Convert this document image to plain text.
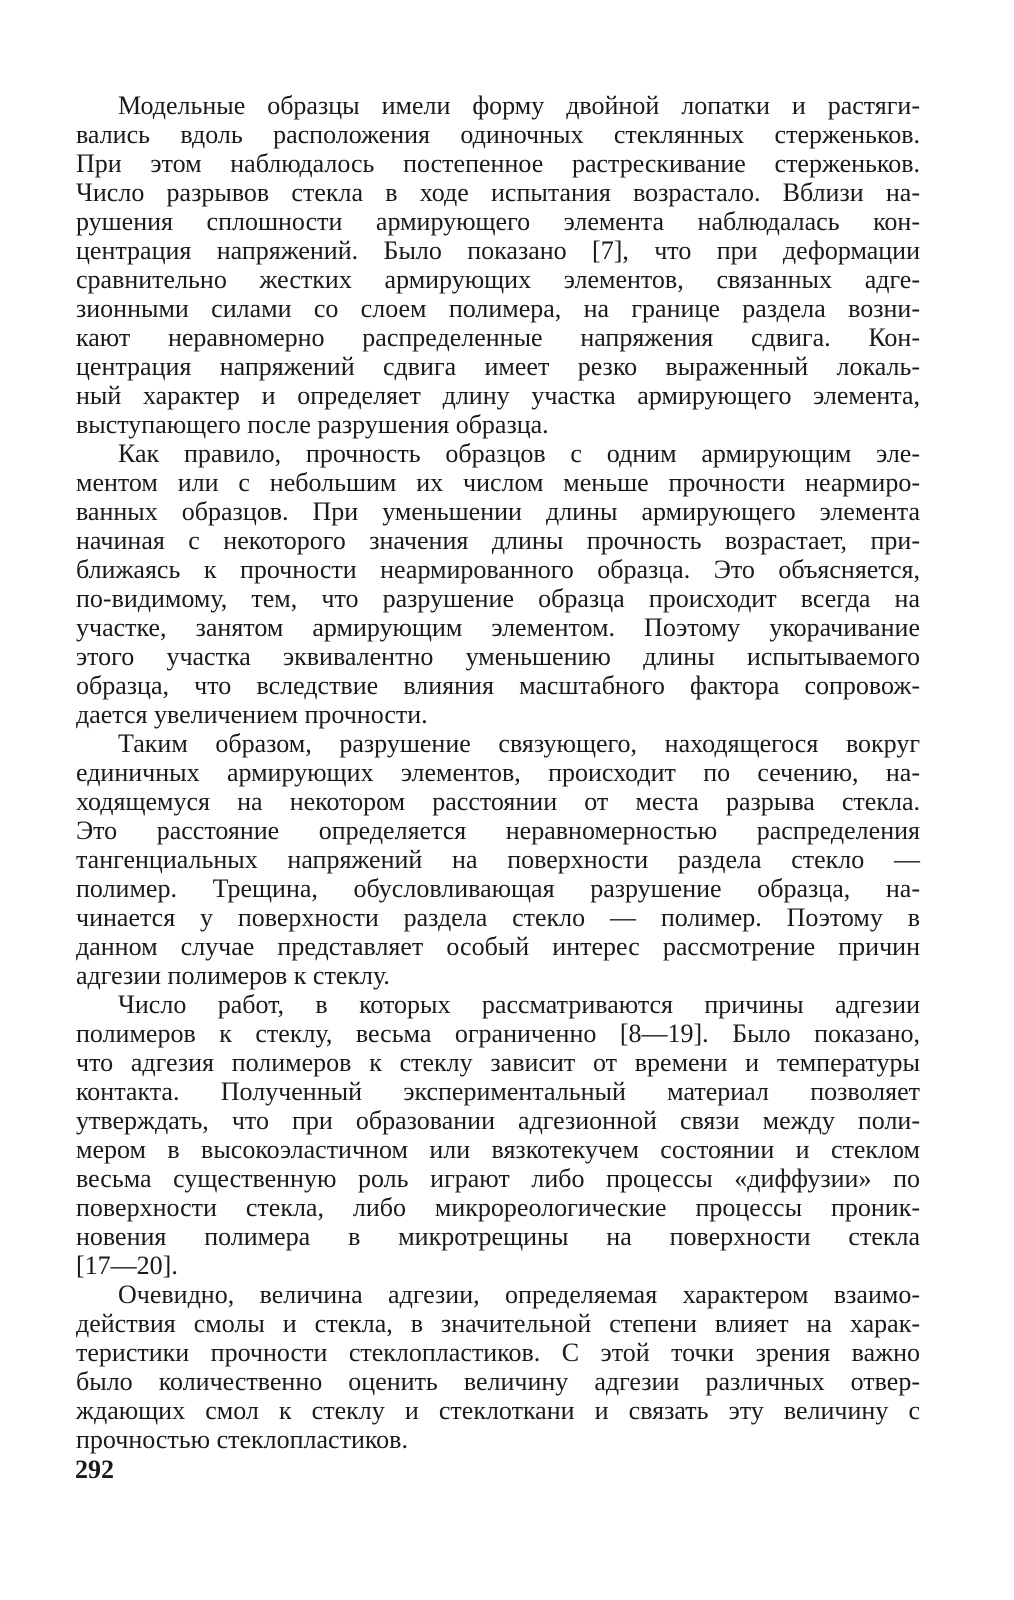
Модельные образцы имели форму двойной лопатки и растяги-
вались вдоль расположения одиночных стеклянных стерженьков.
При этом наблюдалось постепенное растрескивание стерженьков.
Число разрывов стекла в ходе испытания возрастало. Вблизи на-
рушения сплошности армирующего элемента наблюдалась кон-
центрация напряжений. Было показано [7], что при деформации
сравнительно жестких армирующих элементов, связанных адге-
зионными силами со слоем полимера, на границе раздела возни-
кают неравномерно распределенные напряжения сдвига. Кон-
центрация напряжений сдвига имеет резко выраженный локаль-
ный характер и определяет длину участка армирующего элемента,
выступающего после разрушения образца.
Как правило, прочность образцов с одним армирующим эле-
ментом или с небольшим их числом меньше прочности неармиро-
ванных образцов. При уменьшении длины армирующего элемента
начиная с некоторого значения длины прочность возрастает, при-
ближаясь к прочности неармированного образца. Это объясняется,
по-видимому, тем, что разрушение образца происходит всегда на
участке, занятом армирующим элементом. Поэтому укорачивание
этого участка эквивалентно уменьшению длины испытываемого
образца, что вследствие влияния масштабного фактора сопровож-
дается увеличением прочности.
Таким образом, разрушение связующего, находящегося вокруг
единичных армирующих элементов, происходит по сечению, на-
ходящемуся на некотором расстоянии от места разрыва стекла.
Это расстояние определяется неравномерностью распределения
тангенциальных напряжений на поверхности раздела стекло —
полимер. Трещина, обусловливающая разрушение образца, на-
чинается у поверхности раздела стекло — полимер. Поэтому в
данном случае представляет особый интерес рассмотрение причин
адгезии полимеров к стеклу.
Число работ, в которых рассматриваются причины адгезии
полимеров к стеклу, весьма ограниченно [8—19]. Было показано,
что адгезия полимеров к стеклу зависит от времени и температуры
контакта. Полученный экспериментальный материал позволяет
утверждать, что при образовании адгезионной связи между поли-
мером в высокоэластичном или вязкотекучем состоянии и стеклом
весьма существенную роль играют либо процессы «диффузии» по
поверхности стекла, либо микрореологические процессы проник-
новения полимера в микротрещины на поверхности стекла
[17—20].
Очевидно, величина адгезии, определяемая характером взаимо-
действия смолы и стекла, в значительной степени влияет на харак-
теристики прочности стеклопластиков. С этой точки зрения важно
было количественно оценить величину адгезии различных отвер-
ждающих смол к стеклу и стеклоткани и связать эту величину с
прочностью стеклопластиков.
292
